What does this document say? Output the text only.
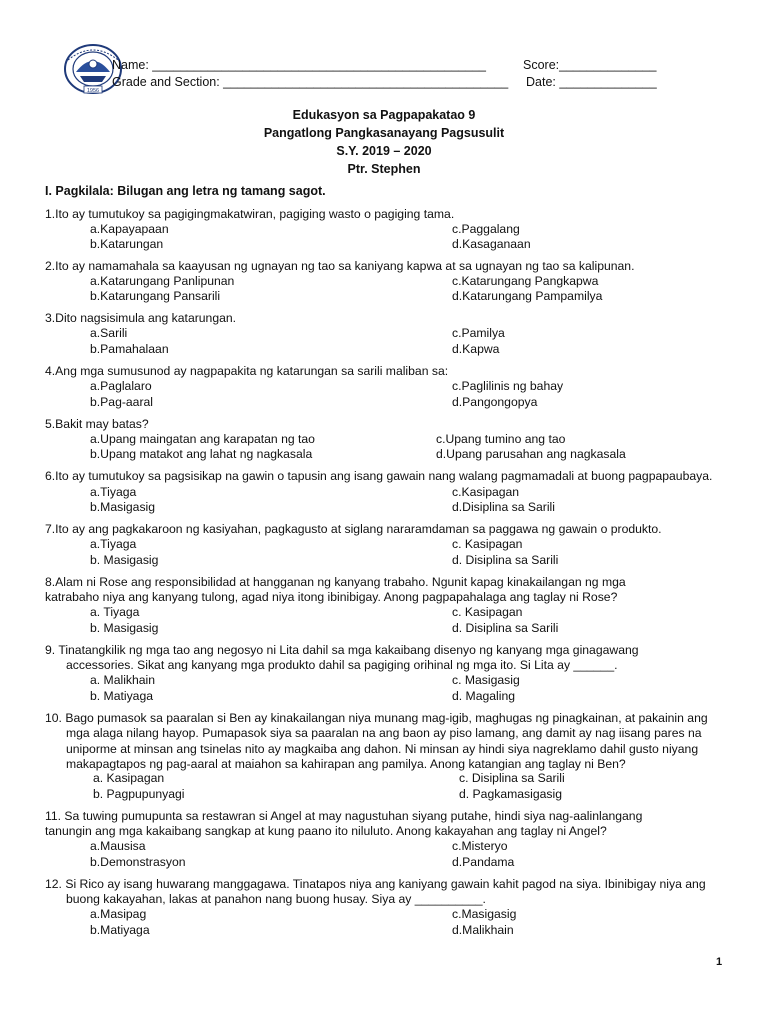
1956
Name: ________________________________________________	Score:______________
Grade and Section: _________________________________________ Date: ______________
Edukasyon sa Pagpapakatao 9
Pangatlong Pangkasanayang Pagsusulit
S.Y. 2019 – 2020
Ptr. Stephen
I. Pagkilala: Bilugan ang letra ng tamang sagot.
1.Ito ay tumutukoy sa pagigingmakatwiran, pagiging wasto o pagiging tama.
a.Kapayapaan	c.Paggalang
b.Katarungan	d.Kasaganaan
2.Ito ay namamahala sa kaayusan ng ugnayan ng tao sa kaniyang kapwa at sa ugnayan ng tao sa kalipunan.
a.Katarungang Panlipunan	c.Katarungang Pangkapwa
b.Katarungang Pansarili	d.Katarungang Pampamilya
3.Dito nagsisimula ang katarungan.
a.Sarili	c.Pamilya
b.Pamahalaan	d.Kapwa
4.Ang mga sumusunod ay nagpapakita ng katarungan sa sarili maliban sa:
a.Paglalaro	c.Paglilinis ng bahay
b.Pag-aaral	d.Pangongopya
5.Bakit may batas?
a.Upang maingatan ang karapatan ng tao	c.Upang tumino ang tao
b.Upang matakot ang lahat ng nagkasala	d.Upang parusahan ang nagkasala
6.Ito ay tumutukoy sa pagsisikap na gawin o tapusin ang isang gawain nang walang pagmamadali at buong pagpapaubaya.
a.Tiyaga	c.Kasipagan
b.Masigasig	d.Disiplina sa Sarili
7.Ito ay ang pagkakaroon ng kasiyahan, pagkagusto at siglang nararamdaman sa paggawa ng gawain o produkto.
a.Tiyaga	c. Kasipagan
b. Masigasig	d. Disiplina sa Sarili
8.Alam ni Rose ang responsibilidad at hangganan ng kanyang trabaho. Ngunit kapag kinakailangan ng mga
katrabaho niya ang kanyang tulong, agad niya itong ibinibigay. Anong pagpapahalaga ang taglay ni Rose?
a. Tiyaga	c. Kasipagan
b. Masigasig	d. Disiplina sa Sarili
9. Tinatangkilik ng mga tao ang negosyo ni Lita dahil sa mga kakaibang disenyo ng kanyang mga ginagawang
accessories. Sikat ang kanyang mga produkto dahil sa pagiging orihinal ng mga ito. Si Lita ay ______.
a. Malikhain	c. Masigasig
b. Matiyaga	d. Magaling
10. Bago pumasok sa paaralan si Ben ay kinakailangan niya munang mag-igib, maghugas ng pinagkainan, at pakainin ang
mga alaga nilang hayop. Pumapasok siya sa paaralan na ang baon ay piso lamang, ang damit ay nag iisang pares na
uniporme at minsan ang tsinelas nito ay magkaiba ang dahon. Ni minsan ay hindi siya nagreklamo dahil gusto niyang
makapagtapos ng pag-aaral at maiahon sa kahirapan ang pamilya. Anong katangian ang taglay ni Ben?
a. Kasipagan	c. Disiplina sa Sarili
b. Pagpupunyagi	d. Pagkamasigasig
11. Sa tuwing pumupunta sa restawran si Angel at may nagustuhan siyang putahe, hindi siya nag-aalinlangang
tanungin ang mga kakaibang sangkap at kung paano ito niluluto. Anong kakayahan ang taglay ni Angel?
a.Mausisa	c.Misteryo
b.Demonstrasyon	d.Pandama
12. Si Rico ay isang huwarang manggagawa. Tinatapos niya ang kaniyang gawain kahit pagod na siya. Ibinibigay niya ang
buong kakayahan, lakas at panahon nang buong husay. Siya ay __________.
a.Masipag	c.Masigasig
b.Matiyaga	d.Malikhain
1
